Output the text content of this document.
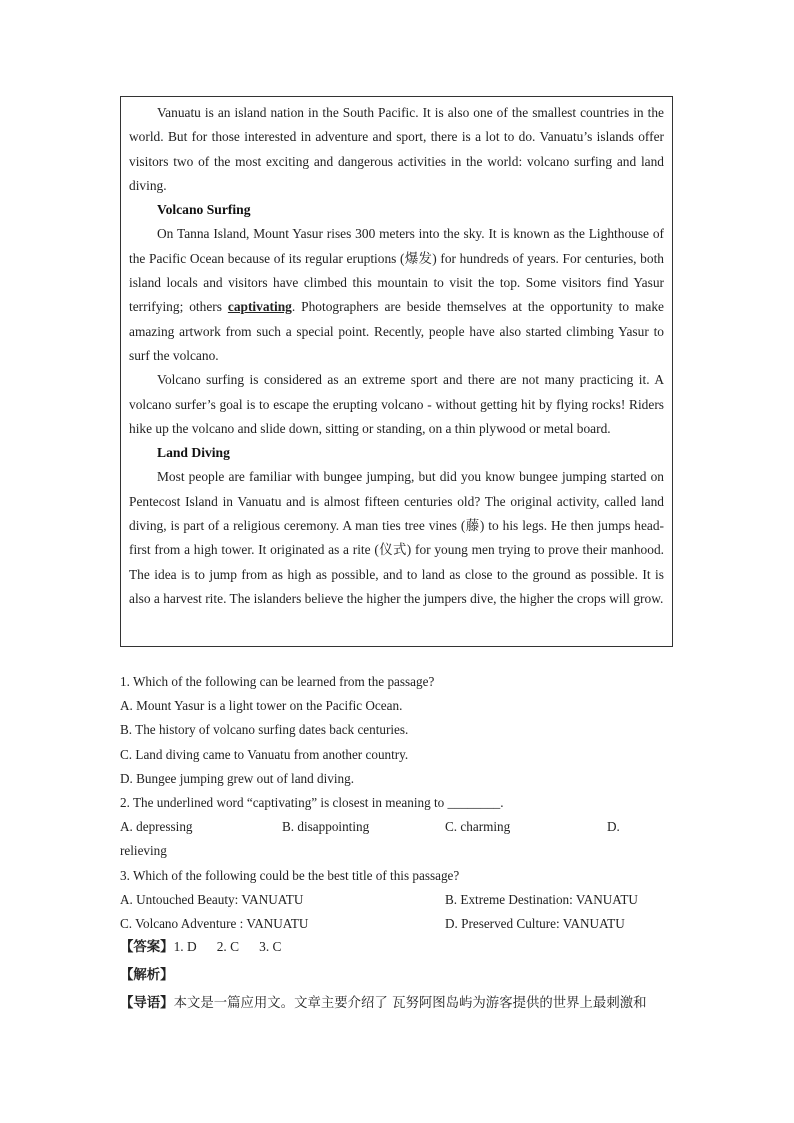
Vanuatu is an island nation in the South Pacific. It is also one of the smallest countries in the world. But for those interested in adventure and sport, there is a lot to do. Vanuatu’s islands offer visitors two of the most exciting and dangerous activities in the world: volcano surfing and land diving.

Volcano Surfing

On Tanna Island, Mount Yasur rises 300 meters into the sky. It is known as the Lighthouse of the Pacific Ocean because of its regular eruptions (爆发) for hundreds of years. For centuries, both island locals and visitors have climbed this mountain to visit the top. Some visitors find Yasur terrifying; others captivating. Photographers are beside themselves at the opportunity to make amazing artwork from such a special point. Recently, people have also started climbing Yasur to surf the volcano.

Volcano surfing is considered as an extreme sport and there are not many practicing it. A volcano surfer’s goal is to escape the erupting volcano - without getting hit by flying rocks! Riders hike up the volcano and slide down, sitting or standing, on a thin plywood or metal board.

Land Diving

Most people are familiar with bungee jumping, but did you know bungee jumping started on Pentecost Island in Vanuatu and is almost fifteen centuries old? The original activity, called land diving, is part of a religious ceremony. A man ties tree vines (藤) to his legs. He then jumps head-first from a high tower. It originated as a rite (仪式) for young men trying to prove their manhood. The idea is to jump from as high as possible, and to land as close to the ground as possible. It is also a harvest rite. The islanders believe the higher the jumpers dive, the higher the crops will grow.

1. Which of the following can be learned from the passage?
A. Mount Yasur is a light tower on the Pacific Ocean.
B. The history of volcano surfing dates back centuries.
C. Land diving came to Vanuatu from another country.
D. Bungee jumping grew out of land diving.
2. The underlined word “captivating” is closest in meaning to ________.
A. depressing	B. disappointing	C. charming	D.
relieving
3. Which of the following could be the best title of this passage?
A. Untouched Beauty: VANUATU	B. Extreme Destination: VANUATU
C. Volcano Adventure : VANUATU	D. Preserved Culture: VANUATU
【答案】1. D      2. C      3. C
【解析】
【导语】本文是一篇应用文。文章主要介绍了 瓦努阿图岛屿为游客提供的世界上最刺激和
